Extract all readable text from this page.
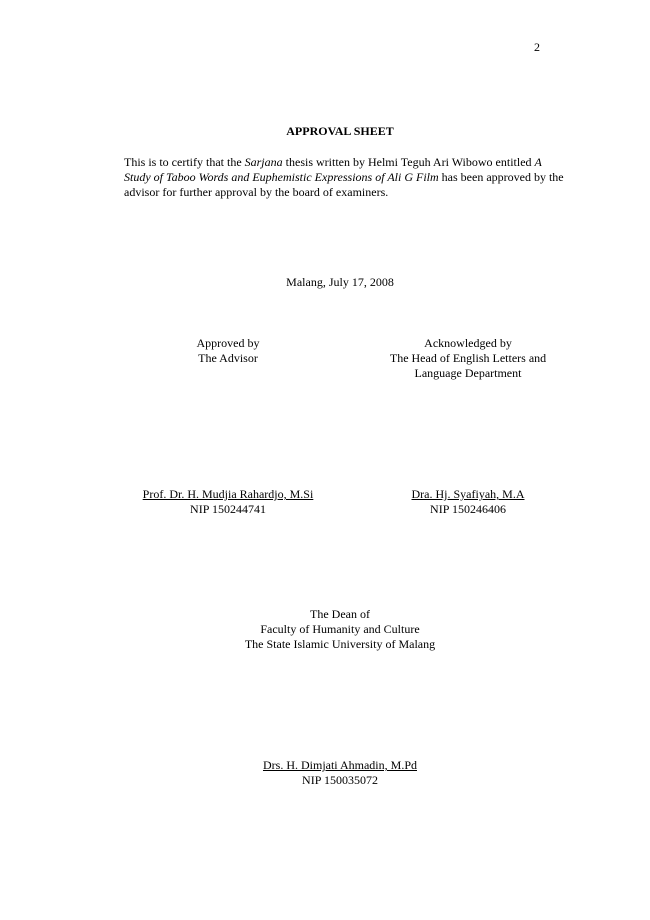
2
APPROVAL SHEET
This is to certify that the Sarjana thesis written by Helmi Teguh Ari Wibowo entitled A Study of Taboo Words and Euphemistic Expressions of Ali G Film has been approved by the advisor for further approval by the board of examiners.
Malang, July 17, 2008
Approved by
The Advisor
Acknowledged by
The Head of English Letters and
Language Department
Prof. Dr. H. Mudjia Rahardjo, M.Si
NIP 150244741
Dra. Hj. Syafiyah, M.A
NIP 150246406
The Dean of
Faculty of Humanity and Culture
The State Islamic University of Malang
Drs. H. Dimjati Ahmadin, M.Pd
NIP 150035072
